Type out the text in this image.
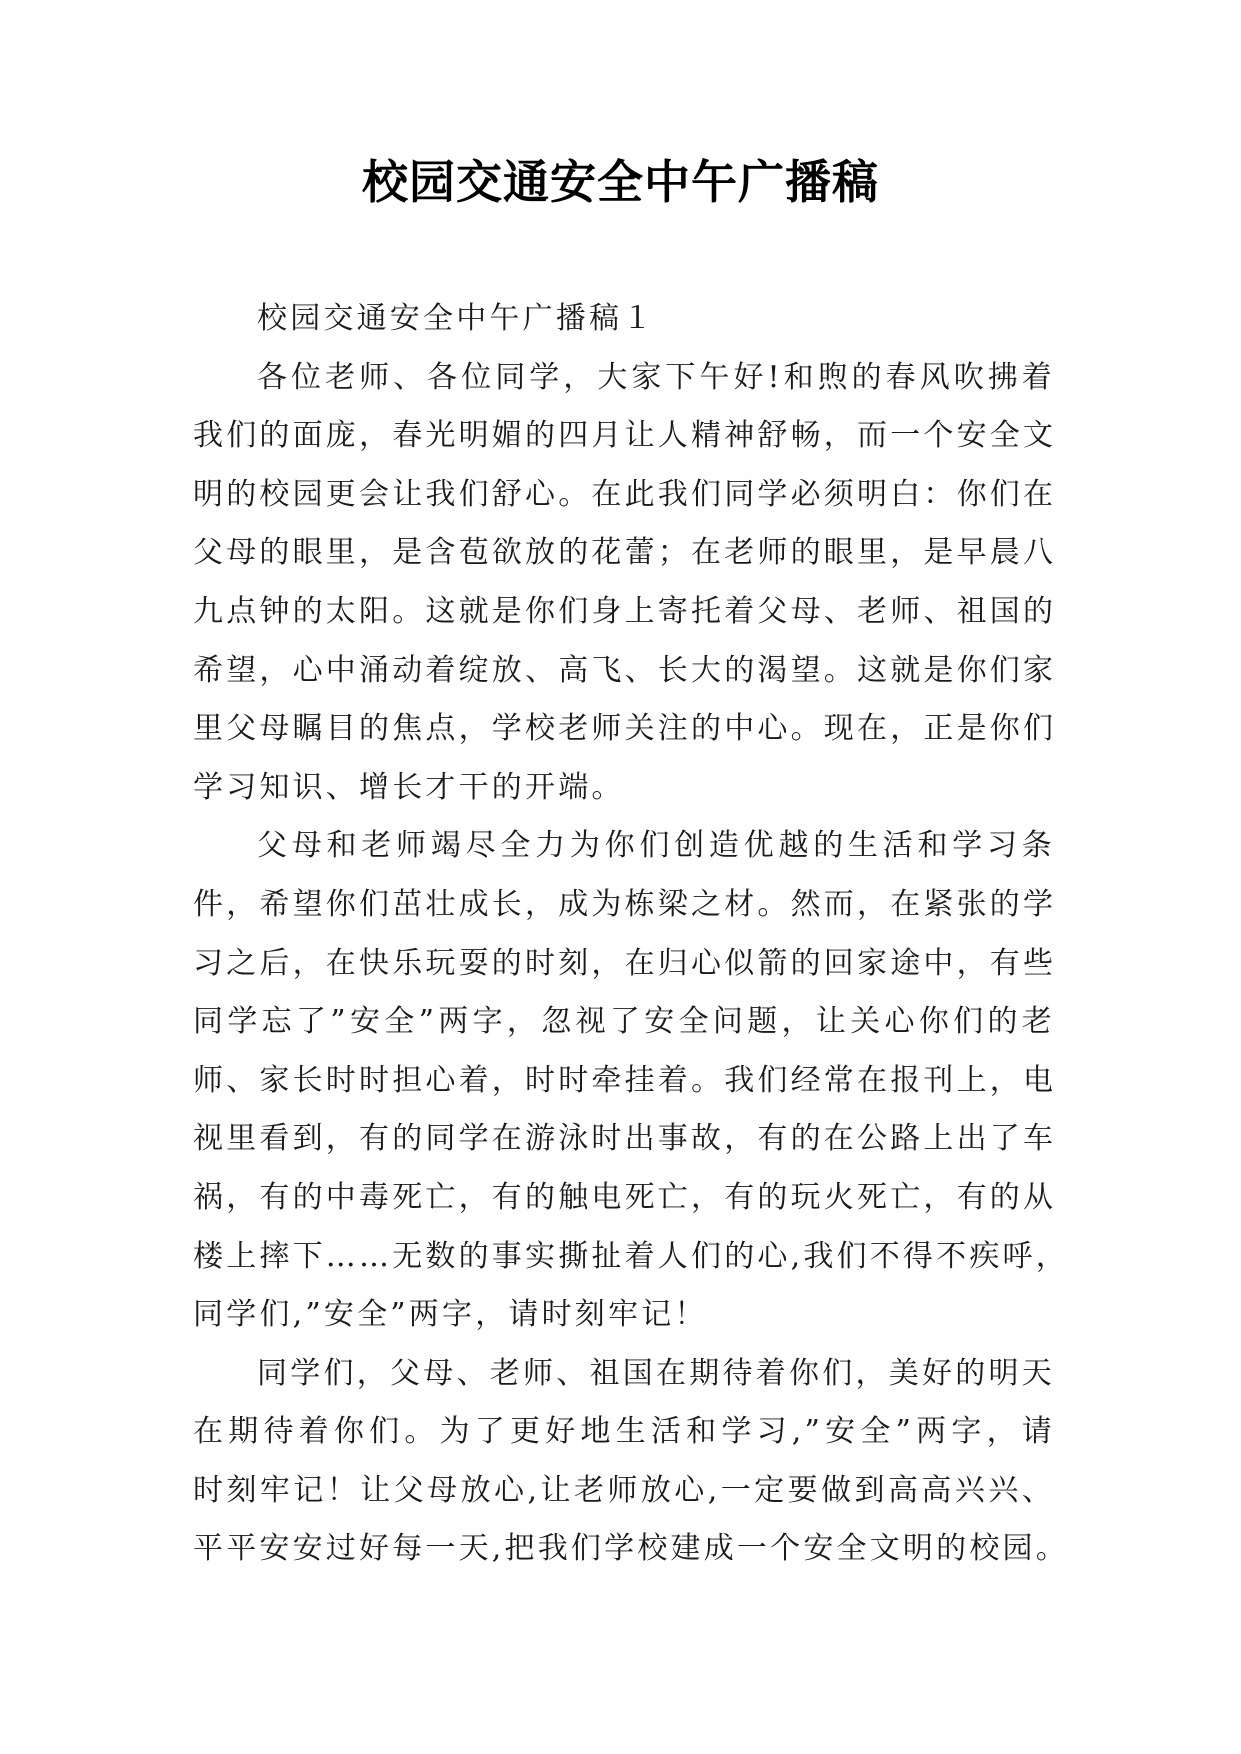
校园交通安全中午广播稿
校园交通安全中午广播稿１
各位老师、各位同学，大家下午好!和煦的春风吹拂着
我们的面庞，春光明媚的四月让人精神舒畅，而一个安全文
明的校园更会让我们舒心。在此我们同学必须明白：你们在
父母的眼里，是含苞欲放的花蕾；在老师的眼里，是早晨八
九点钟的太阳。这就是你们身上寄托着父母、老师、祖国的
希望，心中涌动着绽放、高飞、长大的渴望。这就是你们家
里父母瞩目的焦点，学校老师关注的中心。现在，正是你们
学习知识、增长才干的开端。
父母和老师竭尽全力为你们创造优越的生活和学习条
件，希望你们茁壮成长，成为栋梁之材。然而，在紧张的学
习之后，在快乐玩耍的时刻，在归心似箭的回家途中，有些
同学忘了”安全”两字，忽视了安全问题，让关心你们的老
师、家长时时担心着，时时牵挂着。我们经常在报刊上，电
视里看到，有的同学在游泳时出事故，有的在公路上出了车
祸，有的中毒死亡，有的触电死亡，有的玩火死亡，有的从
楼上摔下……无数的事实撕扯着人们的心,我们不得不疾呼，
同学们,”安全”两字，请时刻牢记！
同学们，父母、老师、祖国在期待着你们，美好的明天
在期待着你们。为了更好地生活和学习,”安全”两字，请
时刻牢记！让父母放心,让老师放心,一定要做到高高兴兴、
平平安安过好每一天,把我们学校建成一个安全文明的校园。
